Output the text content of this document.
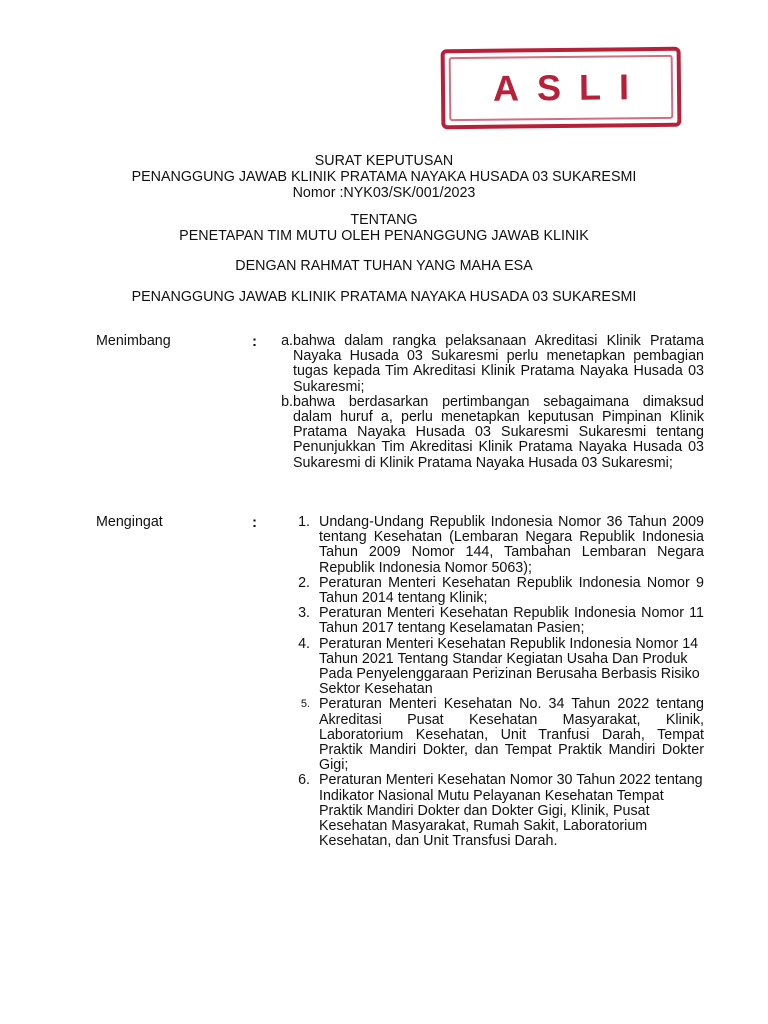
ASLI
SURAT KEPUTUSAN
PENANGGUNG JAWAB KLINIK PRATAMA NAYAKA HUSADA 03 SUKARESMI
Nomor :NYK03/SK/001/2023
TENTANG
PENETAPAN TIM MUTU OLEH PENANGGUNG JAWAB KLINIK
DENGAN RAHMAT TUHAN YANG MAHA ESA
PENANGGUNG JAWAB KLINIK PRATAMA NAYAKA HUSADA 03 SUKARESMI
Menimbang	:	a. bahwa dalam rangka pelaksanaan Akreditasi Klinik Pratama Nayaka Husada 03 Sukaresmi perlu menetapkan pembagian tugas kepada Tim Akreditasi Klinik Pratama Nayaka Husada 03 Sukaresmi;
b. bahwa berdasarkan pertimbangan sebagaimana dimaksud dalam huruf a, perlu menetapkan keputusan Pimpinan Klinik Pratama Nayaka Husada 03 Sukaresmi Sukaresmi tentang Penunjukkan Tim Akreditasi Klinik Pratama Nayaka Husada 03 Sukaresmi di Klinik Pratama Nayaka Husada 03 Sukaresmi;
Mengingat	:	1. Undang-Undang Republik Indonesia Nomor 36 Tahun 2009 tentang Kesehatan (Lembaran Negara Republik Indonesia Tahun 2009 Nomor 144, Tambahan Lembaran Negara Republik Indonesia Nomor 5063);
2. Peraturan Menteri Kesehatan Republik Indonesia Nomor 9 Tahun 2014 tentang Klinik;
3. Peraturan Menteri Kesehatan Republik Indonesia Nomor 11 Tahun 2017 tentang Keselamatan Pasien;
4. Peraturan Menteri Kesehatan Republik Indonesia Nomor 14 Tahun 2021 Tentang Standar Kegiatan Usaha Dan Produk Pada Penyelenggaraan Perizinan Berusaha Berbasis Risiko Sektor Kesehatan
5. Peraturan Menteri Kesehatan No. 34 Tahun 2022 tentang Akreditasi Pusat Kesehatan Masyarakat, Klinik, Laboratorium Kesehatan, Unit Tranfusi Darah, Tempat Praktik Mandiri Dokter, dan Tempat Praktik Mandiri Dokter Gigi;
6. Peraturan Menteri Kesehatan Nomor 30 Tahun 2022 tentang Indikator Nasional Mutu Pelayanan Kesehatan Tempat Praktik Mandiri Dokter dan Dokter Gigi, Klinik, Pusat Kesehatan Masyarakat, Rumah Sakit, Laboratorium Kesehatan, dan Unit Transfusi Darah.
